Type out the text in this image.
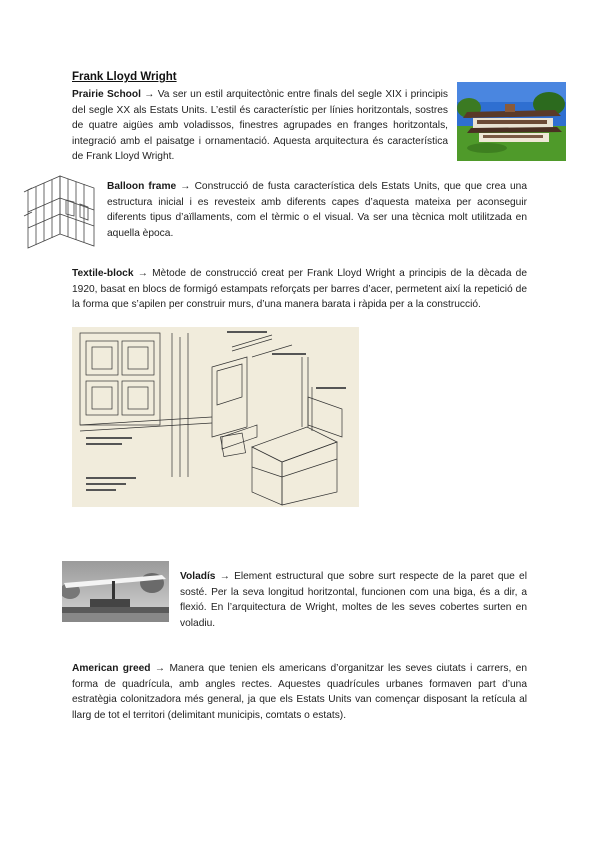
Frank Lloyd Wright
Prairie School → Va ser un estil arquitectònic entre finals del segle XIX i principis del segle XX als Estats Units. L’estil és característic per línies horitzontals, sostres de quatre aigües amb voladissos, finestres agrupades en franges horitzontals, integració amb el paisatge i ornamentació. Aquesta arquitectura és característica de Frank Lloyd Wright.
Balloon frame → Construcció de fusta característica dels Estats Units, que que crea una estructura inicial i es revesteix amb diferents capes d’aquesta mateixa per aconseguir diferents tipus d’aïllaments, com el tèrmic o el visual. Va ser una tècnica molt utilitzada en aquella època.
Textile-block → Mètode de construcció creat per Frank Lloyd Wright a principis de la dècada de 1920, basat en blocs de formigó estampats reforçats per barres d’acer, permetent així la repetició de la forma que s’apilen per construir murs, d’una manera barata i ràpida per a la construcció.
Voladís → Element estructural que sobre surt respecte de la paret que el sosté. Per la seva longitud horitzontal, funcionen com una biga, és a dir, a flexió. En l’arquitectura de Wright, moltes de les seves cobertes surten en voladiu.
American greed → Manera que tenien els americans d’organitzar les seves ciutats i carrers, en forma de quadrícula, amb angles rectes. Aquestes quadrícules urbanes formaven part d’una estratègia colonitzadora més general, ja que els Estats Units van començar disposant la retícula al llarg de tot el territori (delimitant municipis, comtats o estats).
